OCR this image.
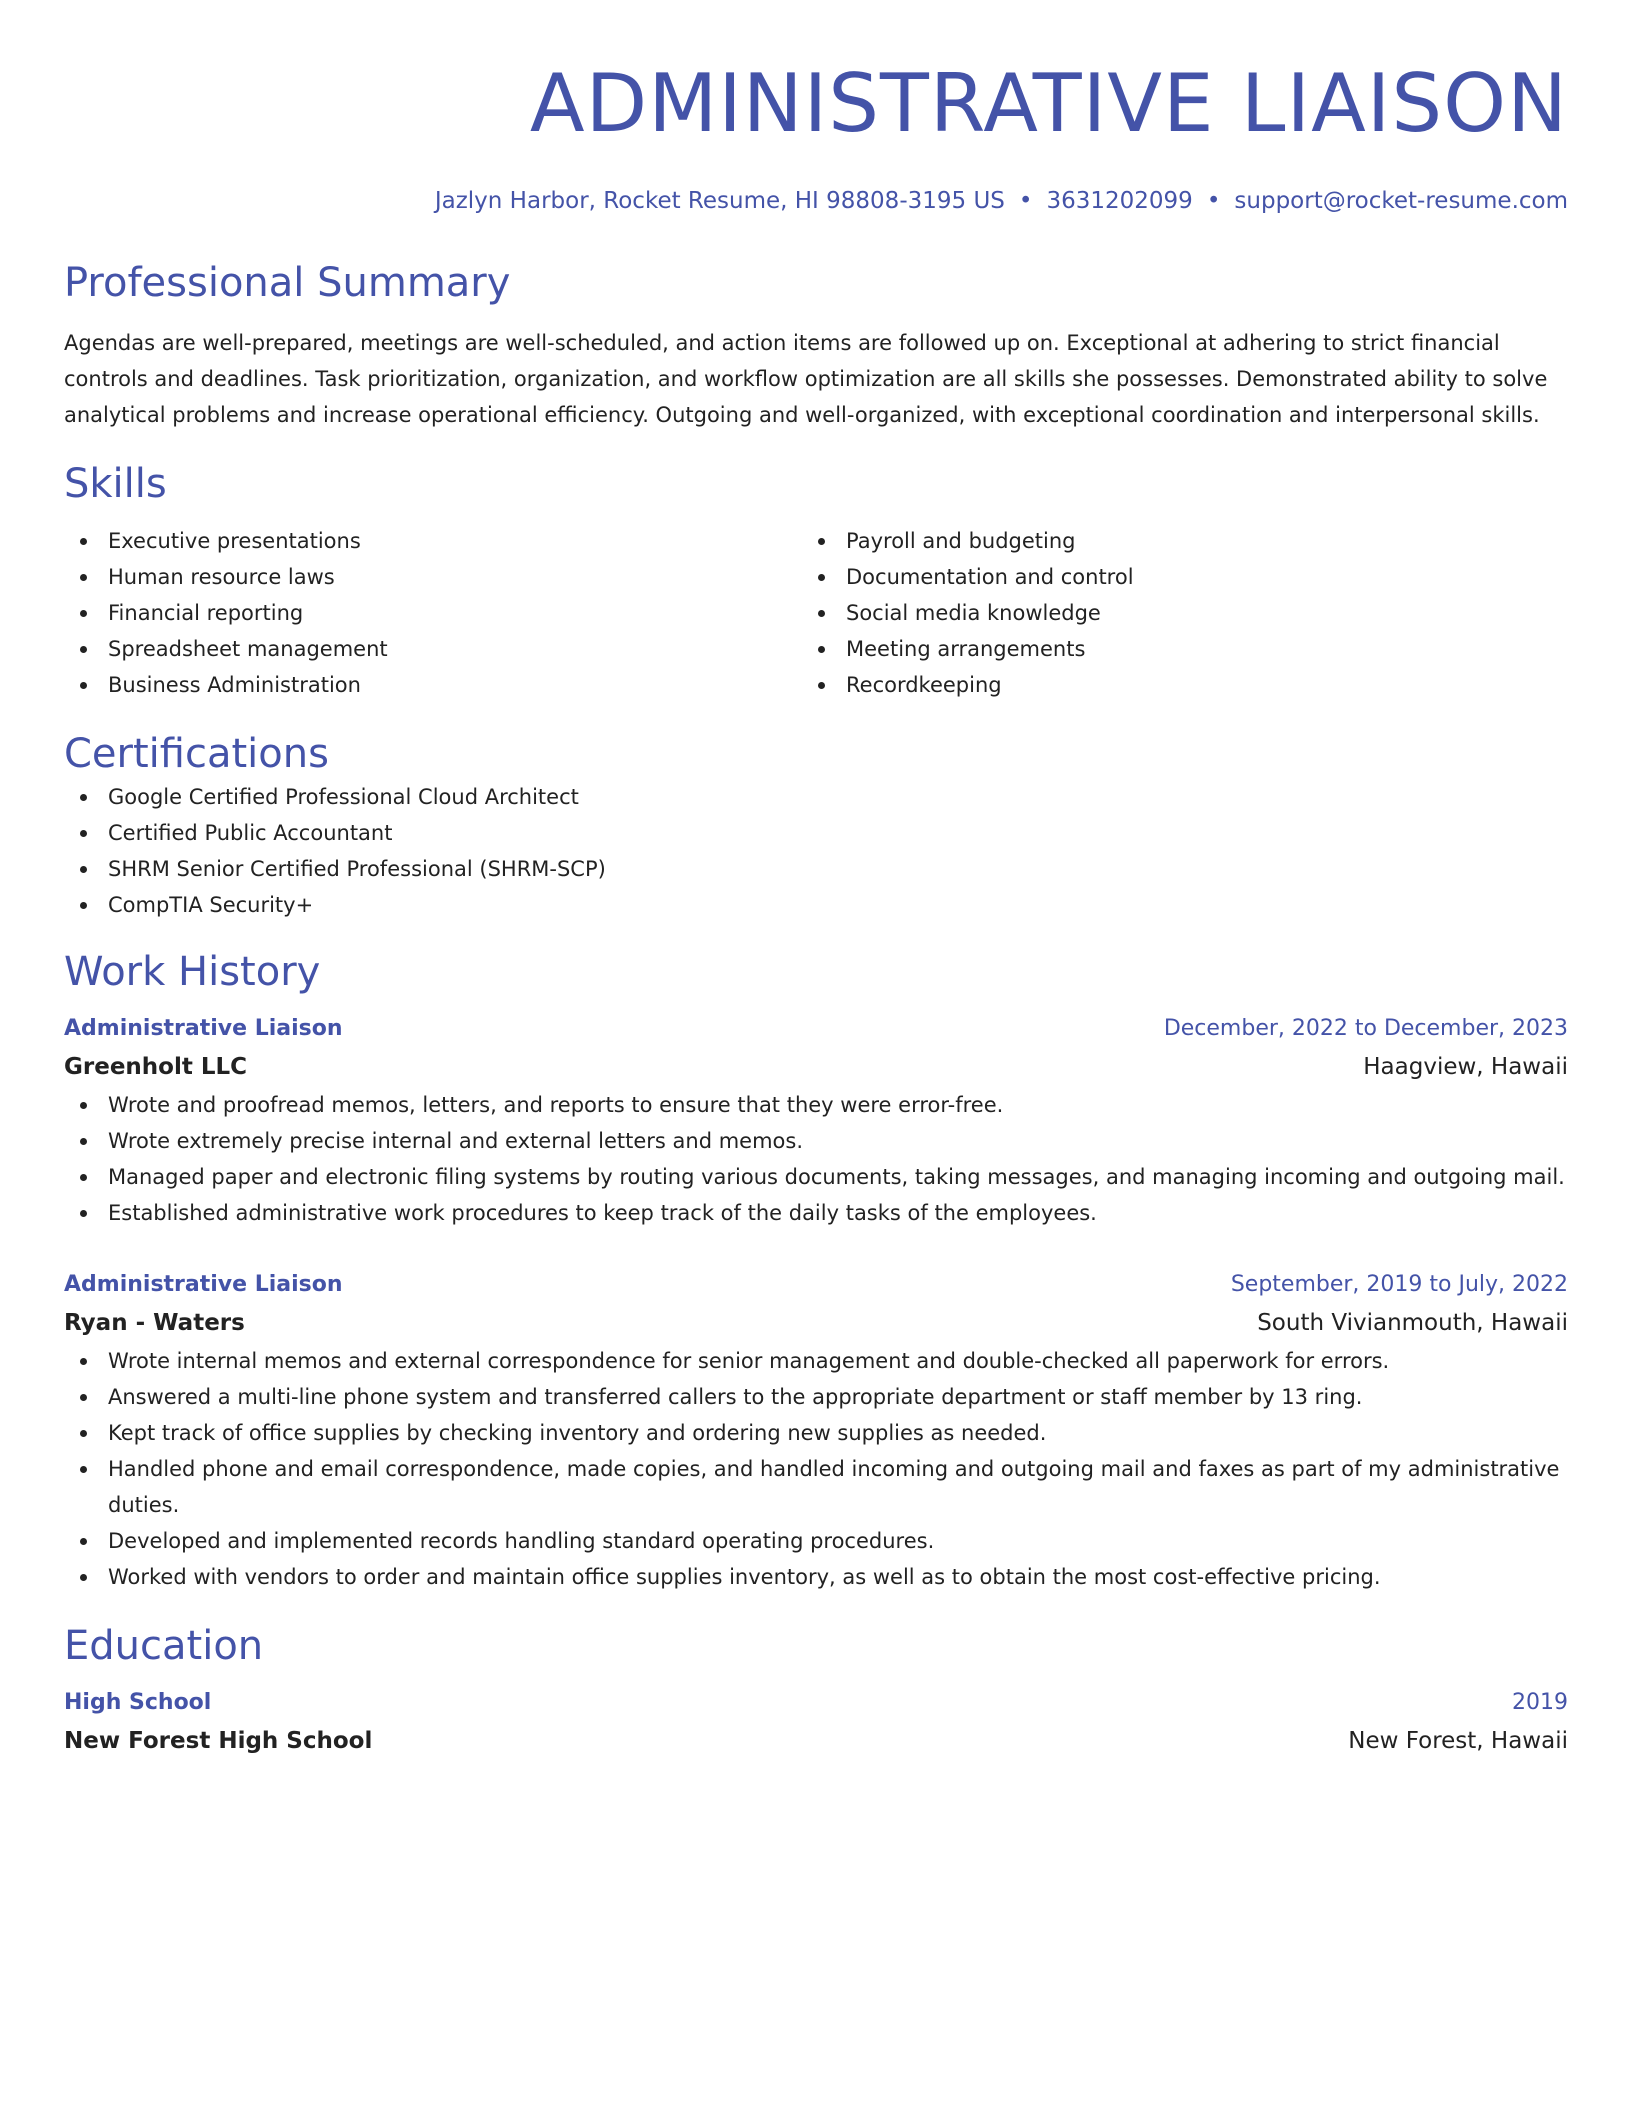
ADMINISTRATIVE LIAISON
Jazlyn Harbor, Rocket Resume, HI 98808-3195 US • 3631202099 • support@rocket-resume.com
Professional Summary
Agendas are well-prepared, meetings are well-scheduled, and action items are followed up on. Exceptional at adhering to strict financial controls and deadlines. Task prioritization, organization, and workflow optimization are all skills she possesses. Demonstrated ability to solve analytical problems and increase operational efficiency. Outgoing and well-organized, with exceptional coordination and interpersonal skills.
Skills
Executive presentations
Human resource laws
Financial reporting
Spreadsheet management
Business Administration
Payroll and budgeting
Documentation and control
Social media knowledge
Meeting arrangements
Recordkeeping
Certifications
Google Certified Professional Cloud Architect
Certified Public Accountant
SHRM Senior Certified Professional (SHRM-SCP)
CompTIA Security+
Work History
Administrative Liaison	December, 2022 to December, 2023
Greenholt LLC	Haagview, Hawaii
Wrote and proofread memos, letters, and reports to ensure that they were error-free.
Wrote extremely precise internal and external letters and memos.
Managed paper and electronic filing systems by routing various documents, taking messages, and managing incoming and outgoing mail.
Established administrative work procedures to keep track of the daily tasks of the employees.
Administrative Liaison	September, 2019 to July, 2022
Ryan - Waters	South Vivianmouth, Hawaii
Wrote internal memos and external correspondence for senior management and double-checked all paperwork for errors.
Answered a multi-line phone system and transferred callers to the appropriate department or staff member by 13 ring.
Kept track of office supplies by checking inventory and ordering new supplies as needed.
Handled phone and email correspondence, made copies, and handled incoming and outgoing mail and faxes as part of my administrative duties.
Developed and implemented records handling standard operating procedures.
Worked with vendors to order and maintain office supplies inventory, as well as to obtain the most cost-effective pricing.
Education
High School	2019
New Forest High School	New Forest, Hawaii
